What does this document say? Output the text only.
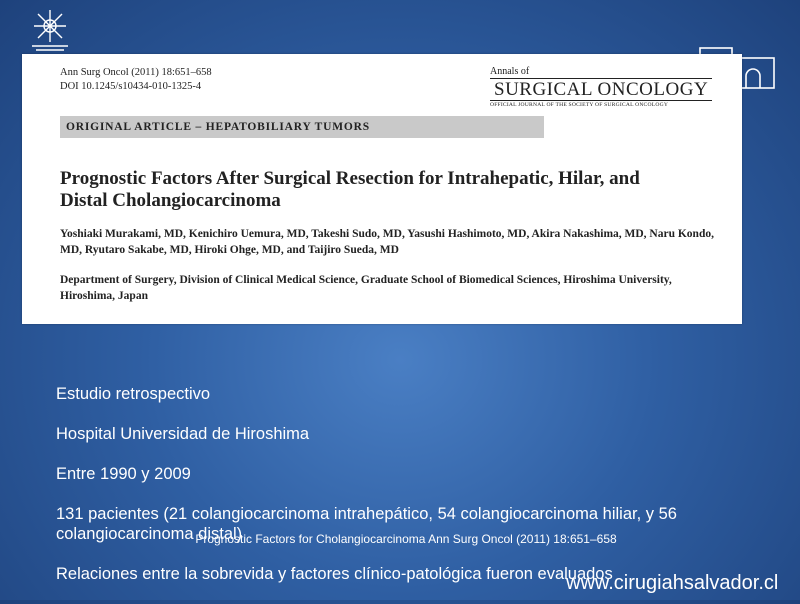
Ann Surg Oncol (2011) 18:651–658
DOI 10.1245/s10434-010-1325-4
Annals of
SURGICAL ONCOLOGY
OFFICIAL JOURNAL OF THE SOCIETY OF SURGICAL ONCOLOGY
ORIGINAL ARTICLE – HEPATOBILIARY TUMORS
Prognostic Factors After Surgical Resection for Intrahepatic, Hilar, and Distal Cholangiocarcinoma
Yoshiaki Murakami, MD, Kenichiro Uemura, MD, Takeshi Sudo, MD, Yasushi Hashimoto, MD, Akira Nakashima, MD, Naru Kondo, MD, Ryutaro Sakabe, MD, Hiroki Ohge, MD, and Taijiro Sueda, MD
Department of Surgery, Division of Clinical Medical Science, Graduate School of Biomedical Sciences, Hiroshima University, Hiroshima, Japan

Estudio retrospectivo

Hospital Universidad de Hiroshima

Entre 1990 y 2009

131 pacientes (21 colangiocarcinoma intrahepático, 54 colangiocarcinoma hiliar, y 56 colangiocarcinoma distal)

Relaciones entre la sobrevida y factores clínico-patológica fueron evaluados

Prognostic Factors for Cholangiocarcinoma Ann Surg Oncol (2011) 18:651–658
www.cirugiahsalvador.cl
